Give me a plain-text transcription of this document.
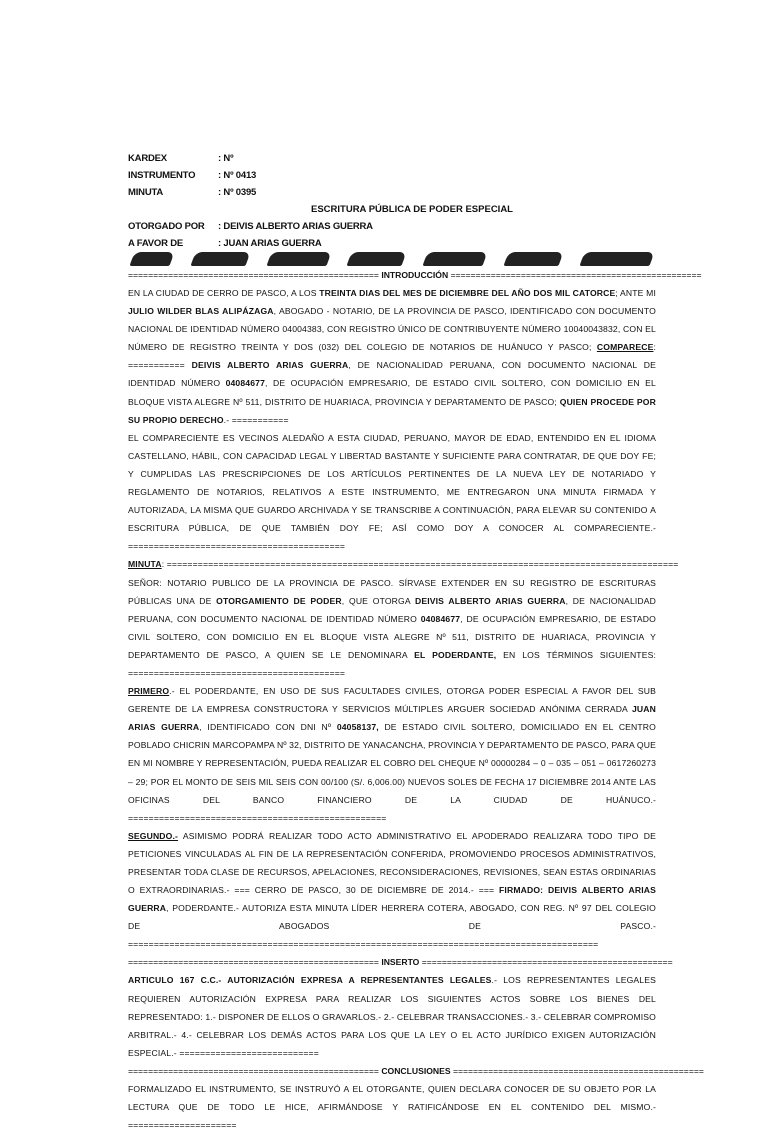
KARDEX	: Nº
INSTRUMENTO	: Nº 0413
MINUTA	: Nº 0395
ESCRITURA PÚBLICA DE PODER ESPECIAL
OTORGADO POR	: DEIVIS ALBERTO ARIAS GUERRA
A FAVOR DE	: JUAN ARIAS GUERRA
================================================== INTRODUCCIÓN ==================================================

EN LA CIUDAD DE CERRO DE PASCO, A LOS TREINTA DIAS DEL MES DE DICIEMBRE DEL AÑO DOS MIL CATORCE; ANTE MI JULIO WILDER BLAS ALIPÁZAGA, ABOGADO - NOTARIO, DE LA PROVINCIA DE PASCO, IDENTIFICADO CON DOCUMENTO NACIONAL DE IDENTIDAD NÚMERO 04004383, CON REGISTRO ÚNICO DE CONTRIBUYENTE NÚMERO 10040043832, CON EL NÚMERO DE REGISTRO TREINTA Y DOS (032) DEL COLEGIO DE NOTARIOS DE HUÁNUCO Y PASCO; COMPARECE: =========== DEIVIS ALBERTO ARIAS GUERRA, DE NACIONALIDAD PERUANA, CON DOCUMENTO NACIONAL DE IDENTIDAD NÚMERO 04084677, DE OCUPACIÓN EMPRESARIO, DE ESTADO CIVIL SOLTERO, CON DOMICILIO EN EL BLOQUE VISTA ALEGRE Nº 511, DISTRITO DE HUARIACA, PROVINCIA Y DEPARTAMENTO DE PASCO; QUIEN PROCEDE POR SU PROPIO DERECHO.- ===========

EL COMPARECIENTE ES VECINOS ALEDAÑO A ESTA CIUDAD, PERUANO, MAYOR DE EDAD, ENTENDIDO EN EL IDIOMA CASTELLANO, HÁBIL, CON CAPACIDAD LEGAL Y LIBERTAD BASTANTE Y SUFICIENTE PARA CONTRATAR, DE QUE DOY FE; Y CUMPLIDAS LAS PRESCRIPCIONES DE LOS ARTÍCULOS PERTINENTES DE LA NUEVA LEY DE NOTARIADO Y REGLAMENTO DE NOTARIOS, RELATIVOS A ESTE INSTRUMENTO, ME ENTREGARON UNA MINUTA FIRMADA Y AUTORIZADA, LA MISMA QUE GUARDO ARCHIVADA Y SE TRANSCRIBE A CONTINUACIÓN, PARA ELEVAR SU CONTENIDO A ESCRITURA PÚBLICA, DE QUE TAMBIÉN DOY FE; ASÍ COMO DOY A CONOCER AL COMPARECIENTE.- ==========================================

MINUTA: ===================================================================================================

SEÑOR: NOTARIO PUBLICO DE LA PROVINCIA DE PASCO. SÍRVASE EXTENDER EN SU REGISTRO DE ESCRITURAS PÚBLICAS UNA DE OTORGAMIENTO DE PODER, QUE OTORGA DEIVIS ALBERTO ARIAS GUERRA, DE NACIONALIDAD PERUANA, CON DOCUMENTO NACIONAL DE IDENTIDAD NÚMERO 04084677, DE OCUPACIÓN EMPRESARIO, DE ESTADO CIVIL SOLTERO, CON DOMICILIO EN EL BLOQUE VISTA ALEGRE Nº 511, DISTRITO DE HUARIACA, PROVINCIA Y DEPARTAMENTO DE PASCO, A QUIEN SE LE DENOMINARA EL PODERDANTE, EN LOS TÉRMINOS SIGUIENTES: ==========================================

PRIMERO.- EL PODERDANTE, EN USO DE SUS FACULTADES CIVILES, OTORGA PODER ESPECIAL A FAVOR DEL SUB GERENTE DE LA EMPRESA CONSTRUCTORA Y SERVICIOS MÚLTIPLES ARGUER SOCIEDAD ANÓNIMA CERRADA JUAN ARIAS GUERRA, IDENTIFICADO CON DNI Nº 04058137, DE ESTADO CIVIL SOLTERO, DOMICILIADO EN EL CENTRO POBLADO CHICRIN MARCOPAMPA Nº 32, DISTRITO DE YANACANCHA, PROVINCIA Y DEPARTAMENTO DE PASCO, PARA QUE EN MI NOMBRE Y REPRESENTACIÓN, PUEDA REALIZAR EL COBRO DEL CHEQUE Nº 00000284 – 0 – 035 – 051 – 0617260273 – 29; POR EL MONTO DE SEIS MIL SEIS CON 00/100 (S/. 6,006.00) NUEVOS SOLES DE FECHA 17 DICIEMBRE 2014 ANTE LAS OFICINAS DEL BANCO FINANCIERO DE LA CIUDAD DE HUÁNUCO.- ==================================================

SEGUNDO.- ASIMISMO PODRÁ REALIZAR TODO ACTO ADMINISTRATIVO EL APODERADO REALIZARA TODO TIPO DE PETICIONES VINCULADAS AL FIN DE LA REPRESENTACIÓN CONFERIDA, PROMOVIENDO PROCESOS ADMINISTRATIVOS, PRESENTAR TODA CLASE DE RECURSOS, APELACIONES, RECONSIDERACIONES, REVISIONES, SEAN ESTAS ORDINARIAS O EXTRAORDINARIAS.- === CERRO DE PASCO, 30 DE DICIEMBRE DE 2014.- === FIRMADO: DEIVIS ALBERTO ARIAS GUERRA, PODERDANTE.- AUTORIZA ESTA MINUTA LÍDER HERRERA COTERA, ABOGADO, CON REG. Nº 97 DEL COLEGIO DE ABOGADOS DE PASCO.- ===========================================================================================

================================================== INSERTO ==================================================

ARTICULO 167 C.C.- AUTORIZACIÓN EXPRESA A REPRESENTANTES LEGALES.- LOS REPRESENTANTES LEGALES REQUIEREN AUTORIZACIÓN EXPRESA PARA REALIZAR LOS SIGUIENTES ACTOS SOBRE LOS BIENES DEL REPRESENTADO: 1.- DISPONER DE ELLOS O GRAVARLOS.- 2.- CELEBRAR TRANSACCIONES.- 3.- CELEBRAR COMPROMISO ARBITRAL.- 4.- CELEBRAR LOS DEMÁS ACTOS PARA LOS QUE LA LEY O EL ACTO JURÍDICO EXIGEN AUTORIZACIÓN ESPECIAL.- ===========================

================================================== CONCLUSIONES ==================================================

FORMALIZADO EL INSTRUMENTO, SE INSTRUYÓ A EL OTORGANTE, QUIEN DECLARA CONOCER DE SU OBJETO POR LA LECTURA QUE DE TODO LE HICE, AFIRMÁNDOSE Y RATIFICÁNDOSE EN EL CONTENIDO DEL MISMO.- =====================
